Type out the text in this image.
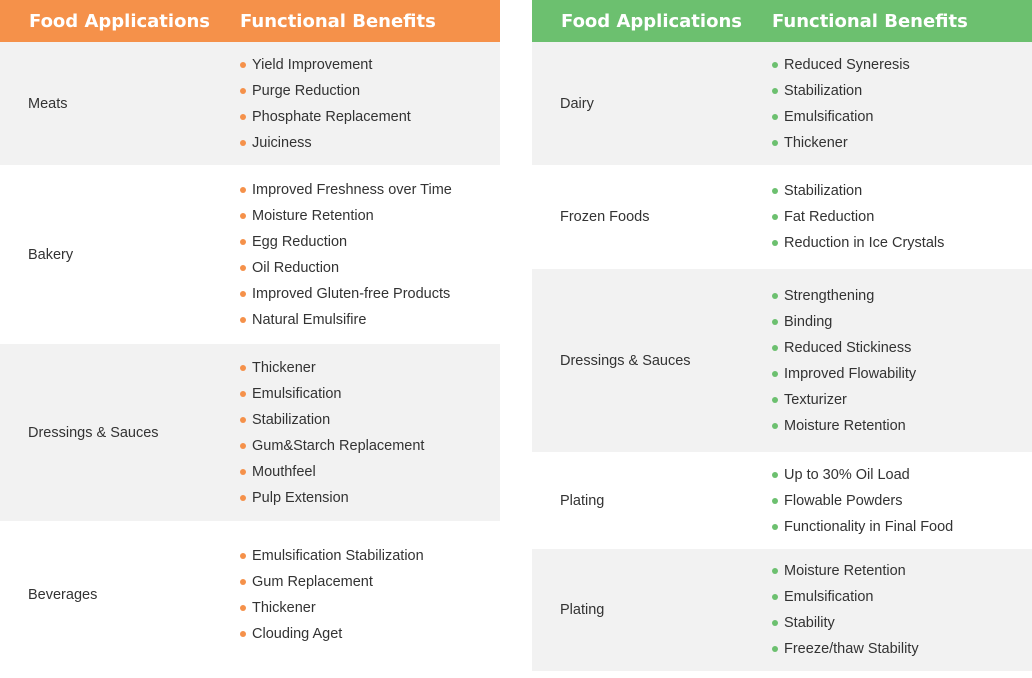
Food Applications	Functional Benefits
Meats
Yield Improvement
Purge Reduction
Phosphate Replacement
Juiciness
Bakery
Improved Freshness over Time
Moisture Retention
Egg Reduction
Oil Reduction
Improved Gluten-free Products
Natural Emulsifire
Dressings & Sauces
Thickener
Emulsification
Stabilization
Gum&Starch Replacement
Mouthfeel
Pulp Extension
Beverages
Emulsification Stabilization
Gum Replacement
Thickener
Clouding Aget
Food Applications	Functional Benefits
Dairy
Reduced Syneresis
Stabilization
Emulsification
Thickener
Frozen Foods
Stabilization
Fat Reduction
Reduction in Ice Crystals
Dressings & Sauces
Strengthening
Binding
Reduced Stickiness
Improved Flowability
Texturizer
Moisture Retention
Plating
Up to 30% Oil Load
Flowable Powders
Functionality in Final Food
Plating
Moisture Retention
Emulsification
Stability
Freeze/thaw Stability
